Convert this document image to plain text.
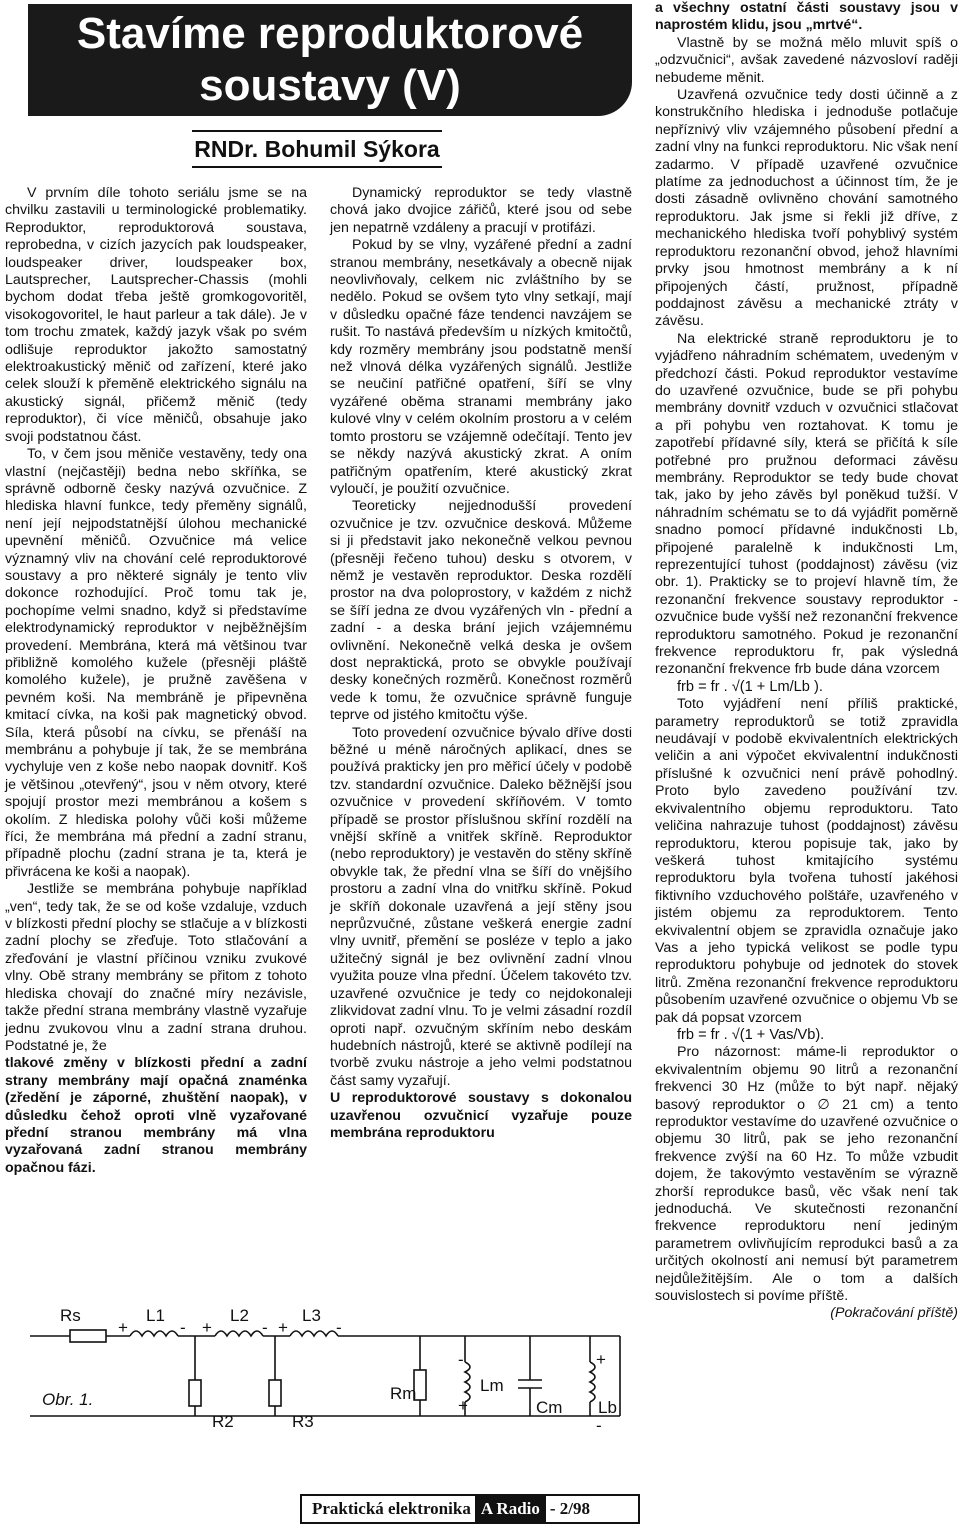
Stavíme reproduktorové
soustavy (V)
RNDr. Bohumil Sýkora

V prvním díle tohoto seriálu jsme se na chvilku zastavili u terminologické problematiky. Reproduktor, reproduktorová soustava, reprobedna, v cizích jazycích pak loudspeaker, loudspeaker driver, loudspeaker box, Lautsprecher, Lautsprecher-Chassis (mohli bychom dodat třeba ještě gromkogovoritěl, visokogovoritel, le haut parleur a tak dále). Je v tom trochu zmatek, každý jazyk však po svém odlišuje reproduktor jakožto samostatný elektroakustický měnič od zařízení, které jako celek slouží k přeměně elektrického signálu na akustický signál, přičemž měnič (tedy reproduktor), či více měničů, obsahuje jako svoji podstatnou část.

To, v čem jsou měniče vestavěny, tedy ona vlastní (nejčastěji) bedna nebo skříňka, se správně odborně česky nazývá ozvučnice. Z hlediska hlavní funkce, tedy přeměny signálů, není její nejpodstatnější úlohou mechanické upevnění měničů. Ozvučnice má velice významný vliv na chování celé reproduktorové soustavy a pro některé signály je tento vliv dokonce rozhodující. Proč tomu tak je, pochopíme velmi snadno, když si představíme elektrodynamický reproduktor v nejběžnějším provedení. Membrána, která má většinou tvar přibližně komolého kužele (přesněji pláště komolého kužele), je pružně zavěšena v pevném koši. Na membráně je připevněna kmitací cívka, na koši pak magnetický obvod. Síla, která působí na cívku, se přenáší na membránu a pohybuje jí tak, že se membrána vychyluje ven z koše nebo naopak dovnitř. Koš je většinou „otevřený“, jsou v něm otvory, které spojují prostor mezi membránou a košem s okolím. Z hlediska polohy vůči koši můžeme říci, že membrána má přední a zadní stranu, případně plochu (zadní strana je ta, která je přivrácena ke koši a naopak).

Jestliže se membrána pohybuje například „ven“, tedy tak, že se od koše vzdaluje, vzduch v blízkosti přední plochy se stlačuje a v blízkosti zadní plochy se zřeďuje. Toto stlačování a zřeďování je vlastní příčinou vzniku zvukové vlny. Obě strany membrány se přitom z tohoto hlediska chovají do značné míry nezávisle, takže přední strana membrány vlastně vyzařuje jednu zvukovou vlnu a zadní strana druhou. Podstatné je, že

tlakové změny v blízkosti přední a zadní strany membrány mají opačná znaménka (zředění je záporné, zhuštění naopak), v důsledku čehož oproti vlně vyzařované přední stranou membrány má vlna vyzařovaná zadní stranou membrány opačnou fázi.

Dynamický reproduktor se tedy vlastně chová jako dvojice zářičů, které jsou od sebe jen nepatrně vzdáleny a pracují v protifázi.

Pokud by se vlny, vyzářené přední a zadní stranou membrány, nesetkávaly a obecně nijak neovlivňovaly, celkem nic zvláštního by se nedělo. Pokud se ovšem tyto vlny setkají, mají v důsledku opačné fáze tendenci navzájem se rušit. To nastává především u nízkých kmitočtů, kdy rozměry membrány jsou podstatně menší než vlnová délka vyzářených signálů. Jestliže se neučiní patřičné opatření, šíří se vlny vyzářené oběma stranami membrány jako kulové vlny v celém okolním prostoru a v celém tomto prostoru se vzájemně odečítají. Tento jev se někdy nazývá akustický zkrat. A oním patřičným opatřením, které akustický zkrat vyloučí, je použití ozvučnice.

Teoreticky nejjednodušší provedení ozvučnice je tzv. ozvučnice desková. Můžeme si ji představit jako nekonečně velkou pevnou (přesněji řečeno tuhou) desku s otvorem, v němž je vestavěn reproduktor. Deska rozdělí prostor na dva poloprostory, v každém z nichž se šíří jedna ze dvou vyzářených vln - přední a zadní - a deska brání jejich vzájemnému ovlivnění. Nekonečně velká deska je ovšem dost nepraktická, proto se obvykle používají desky konečných rozměrů. Konečnost rozměrů vede k tomu, že ozvučnice správně funguje teprve od jistého kmitočtu výše.

Toto provedení ozvučnice bývalo dříve dosti běžné u méně náročných aplikací, dnes se používá prakticky jen pro měřicí účely v podobě tzv. standardní ozvučnice. Daleko běžnější jsou ozvučnice v provedení skříňovém. V tomto případě se prostor příslušnou skříní rozdělí na vnější skříně a vnitřek skříně. Reproduktor (nebo reproduktory) je vestavěn do stěny skříně obvykle tak, že přední vlna se šíří do vnějšího prostoru a zadní vlna do vnitřku skříně. Pokud je skříň dokonale uzavřená a její stěny jsou neprůzvučné, zůstane veškerá energie zadní vlny uvnitř, přemění se posléze v teplo a jako užitečný signál je bez ovlivnění zadní vlnou využita pouze vlna přední. Účelem takovéto tzv. uzavřené ozvučnice je tedy co nejdokonaleji zlikvidovat zadní vlnu. To je velmi zásadní rozdíl oproti např. ozvučným skříním nebo deskám hudebních nástrojů, které se aktivně podílejí na tvorbě zvuku nástroje a jeho velmi podstatnou část samy vyzařují.

U reproduktorové soustavy s dokonalou uzavřenou ozvučnicí vyzařuje pouze membrána reproduktoru

a všechny ostatní části soustavy jsou v naprostém klidu, jsou „mrtvé“.

Vlastně by se možná mělo mluvit spíš o „odzvučnici“, avšak zavedené názvosloví raději nebudeme měnit.

Uzavřená ozvučnice tedy dosti účinně a z konstrukčního hlediska i jednoduše potlačuje nepříznivý vliv vzájemného působení přední a zadní vlny na funkci reproduktoru. Nic však není zadarmo. V případě uzavřené ozvučnice platíme za jednoduchost a účinnost tím, že je dosti zásadně ovlivněno chování samotného reproduktoru. Jak jsme si řekli již dříve, z mechanického hlediska tvoří pohyblivý systém reproduktoru rezonanční obvod, jehož hlavními prvky jsou hmotnost membrány a k ní připojených částí, pružnost, případně poddajnost závěsu a mechanické ztráty v závěsu.

Na elektrické straně reproduktoru je to vyjádřeno náhradním schématem, uvedeným v předchozí části. Pokud reproduktor vestavíme do uzavřené ozvučnice, bude se při pohybu membrány dovnitř vzduch v ozvučnici stlačovat a při pohybu ven roztahovat. K tomu je zapotřebí přídavné síly, která se přičítá k síle potřebné pro pružnou deformaci závěsu membrány. Reproduktor se tedy bude chovat tak, jako by jeho závěs byl poněkud tužší. V náhradním schématu se to dá vyjádřit poměrně snadno pomocí přídavné indukčnosti Lb, připojené paralelně k indukčnosti Lm, reprezentující tuhost (poddajnost) závěsu (viz obr. 1). Prakticky se to projeví hlavně tím, že rezonanční frekvence soustavy reproduktor - ozvučnice bude vyšší než rezonanční frekvence reproduktoru samotného. Pokud je rezonanční frekvence reproduktoru fr, pak výsledná rezonanční frekvence frb bude dána vzorcem

frb = fr . √(1 + Lm/Lb ).

Toto vyjádření není příliš praktické, parametry reproduktorů se totiž zpravidla neudávají v podobě ekvivalentních elektrických veličin a ani výpočet ekvivalentní indukčnosti příslušné k ozvučnici není právě pohodlný. Proto bylo zavedeno používání tzv. ekvivalentního objemu reproduktoru. Tato veličina nahrazuje tuhost (poddajnost) závěsu reproduktoru, kterou popisuje tak, jako by veškerá tuhost kmitajícího systému reproduktoru byla tvořena tuhostí jakéhosi fiktivního vzduchového polštáře, uzavřeného v jistém objemu za reproduktorem. Tento ekvivalentní objem se zpravidla označuje jako Vas a jeho typická velikost se podle typu reproduktoru pohybuje od jednotek do stovek litrů. Změna rezonanční frekvence reproduktoru působením uzavřené ozvučnice o objemu Vb se pak dá popsat vzorcem

frb = fr . √(1 + Vas/Vb).

Pro názornost: máme-li reproduktor o ekvivalentním objemu 90 litrů a rezonanční frekvenci 30 Hz (může to být např. nějaký basový reproduktor o ∅ 21 cm) a tento reproduktor vestavíme do uzavřené ozvučnice o objemu 30 litrů, pak se jeho rezonanční frekvence zvýší na 60 Hz. To může vzbudit dojem, že takovýmto vestavěním se výrazně zhorší reprodukce basů, věc však není tak jednoduchá. Ve skutečnosti rezonanční frekvence reproduktoru není jediným parametrem ovlivňujícím reprodukci basů a za určitých okolností ani nemusí být parametrem nejdůležitějším. Ale o tom a dalších souvislostech si povíme příště.

(Pokračování příště)

Rs	L1	L2	L3
R2	R3
Rm	Lm
Cm Lb
+	- +	- +	-
-
+
+
-
Obr. 1.
Praktická elektronika A Radio - 2/98
